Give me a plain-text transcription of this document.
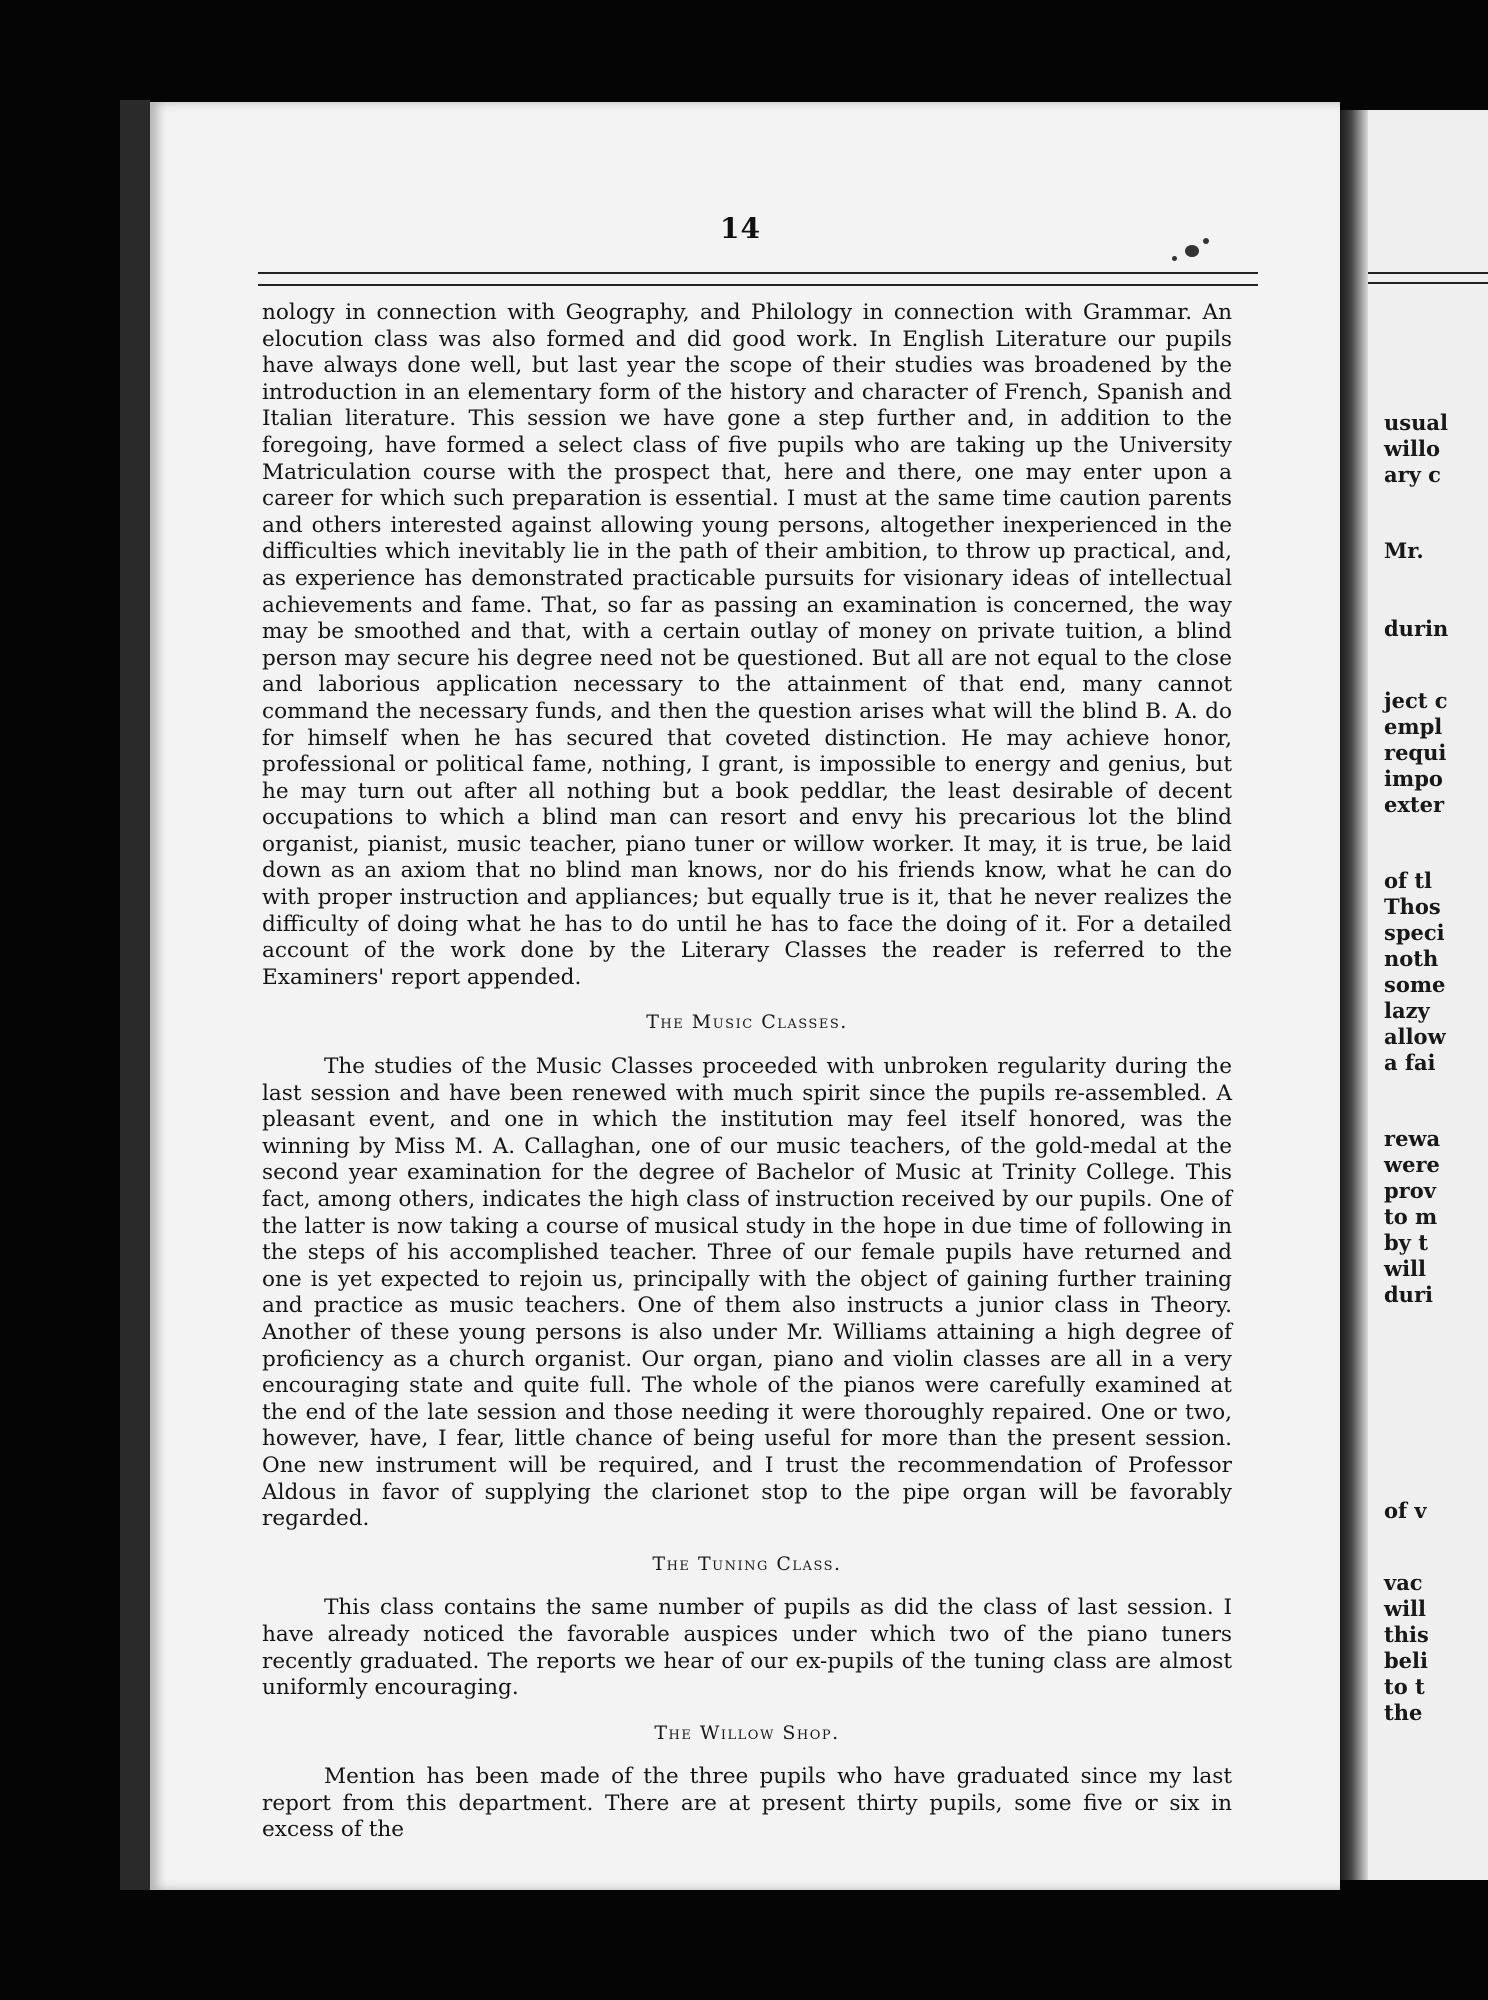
14

nology in connection with Geography, and Philology in connection with Grammar. An elocution class was also formed and did good work. In English Literature our pupils have always done well, but last year the scope of their studies was broadened by the introduction in an elementary form of the history and character of French, Spanish and Italian literature. This session we have gone a step further and, in addition to the foregoing, have formed a select class of five pupils who are taking up the University Matriculation course with the prospect that, here and there, one may enter upon a career for which such preparation is essential. I must at the same time caution parents and others interested against allowing young persons, altogether inexperienced in the difficulties which inevitably lie in the path of their ambition, to throw up practical, and, as experience has demonstrated practicable pursuits for visionary ideas of intellectual achievements and fame. That, so far as passing an examination is concerned, the way may be smoothed and that, with a certain outlay of money on private tuition, a blind person may secure his degree need not be questioned. But all are not equal to the close and laborious application necessary to the attainment of that end, many cannot command the necessary funds, and then the question arises what will the blind B. A. do for himself when he has secured that coveted distinction. He may achieve honor, professional or political fame, nothing, I grant, is impossible to energy and genius, but he may turn out after all nothing but a book peddlar, the least desirable of decent occupations to which a blind man can resort and envy his precarious lot the blind organist, pianist, music teacher, piano tuner or willow worker. It may, it is true, be laid down as an axiom that no blind man knows, nor do his friends know, what he can do with proper instruction and appliances; but equally true is it, that he never realizes the difficulty of doing what he has to do until he has to face the doing of it. For a detailed account of the work done by the Literary Classes the reader is referred to the Examiners' report appended.

The Music Classes.

The studies of the Music Classes proceeded with unbroken regularity during the last session and have been renewed with much spirit since the pupils re-assembled. A pleasant event, and one in which the institution may feel itself honored, was the winning by Miss M. A. Callaghan, one of our music teachers, of the gold-medal at the second year examination for the degree of Bachelor of Music at Trinity College. This fact, among others, indicates the high class of instruction received by our pupils. One of the latter is now taking a course of musical study in the hope in due time of following in the steps of his accomplished teacher. Three of our female pupils have returned and one is yet expected to rejoin us, principally with the object of gaining further training and practice as music teachers. One of them also instructs a junior class in Theory. Another of these young persons is also under Mr. Williams attaining a high degree of proficiency as a church organist. Our organ, piano and violin classes are all in a very encouraging state and quite full. The whole of the pianos were carefully examined at the end of the late session and those needing it were thoroughly repaired. One or two, however, have, I fear, little chance of being useful for more than the present session. One new instrument will be required, and I trust the recommendation of Professor Aldous in favor of supplying the clarionet stop to the pipe organ will be favorably regarded.

The Tuning Class.

This class contains the same number of pupils as did the class of last session. I have already noticed the favorable auspices under which two of the piano tuners recently graduated. The reports we hear of our ex-pupils of the tuning class are almost uniformly encouraging.

The Willow Shop.

Mention has been made of the three pupils who have graduated since my last report from this department. There are at present thirty pupils, some five or six in excess of the

usual
willo
ary c
Mr.
durin
ject c
empl
requi
impo
exter
of tl
Thos
speci
noth
some
lazy
allow
a fai
rewa
were
prov
to m
by t
will
duri
of v
vac
will
this
beli
to t
the
